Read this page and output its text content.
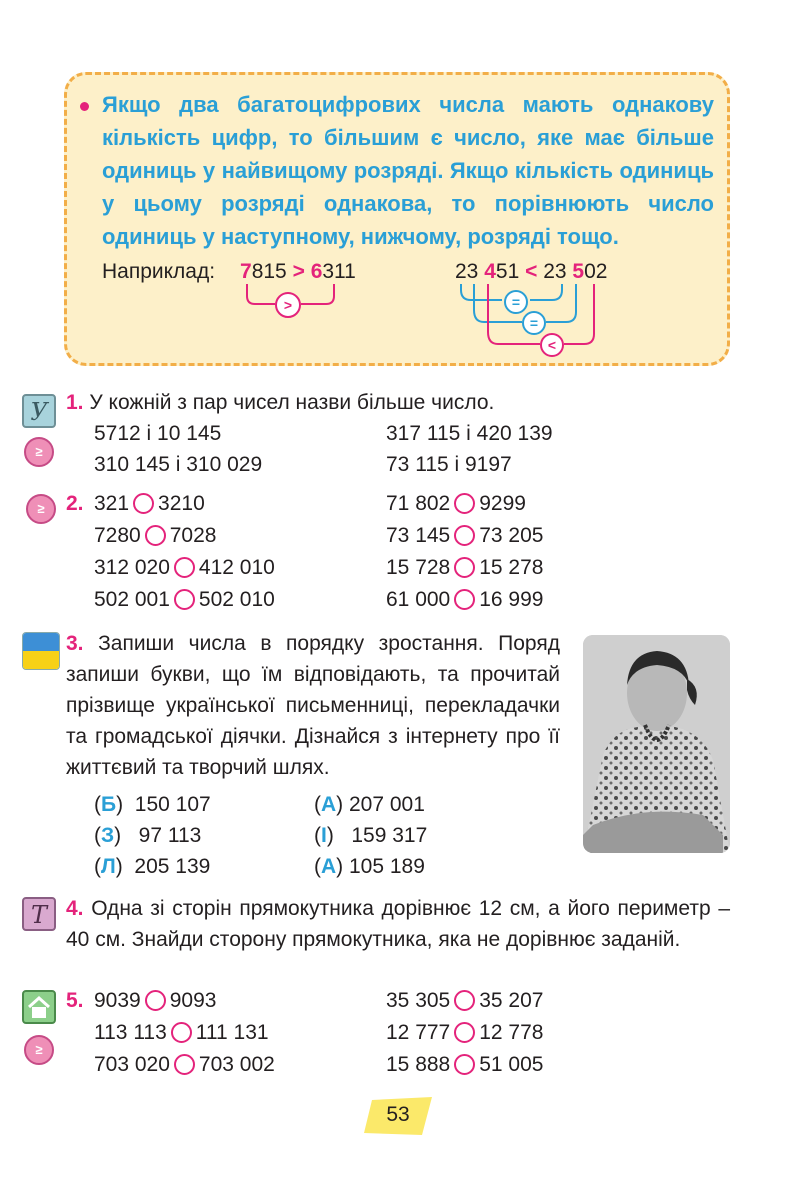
Якщо два багатоцифрових числа мають однакову кількість цифр, то більшим є число, яке має більше одиниць у найвищому розряді. Якщо кількість одиниць у цьому розряді однакова, то порівнюють число одиниць у наступному, нижчому, розряді тощо.
Наприклад: 7815 > 6311	23 451 < 23 502
>	=
=
<
У
≥
1. У кожній з пар чисел назви більше число.
5712 і 10 145	317 115 і 420 139
310 145 і 310 029	73 115 і 9197
≥	2. 321 3210	71 802 9299
7280 7028	73 145 73 205
312 020 412 010	15 728 15 278
502 001 502 010	61 000 16 999
3. Запиши числа в порядку зростання. Поряд запиши букви, що їм відповідають, та прочитай прізвище української письменниці, перекладачки та громадської діячки. Дізнайся з інтернету про її життєвий та творчий шлях.
(Б)  150 107	(А) 207 001
(З)   97 113	(І)   159 317
(Л)  205 139	(А) 105 189
Т 4. Одна зі сторін прямокутника дорівнює 12 см, а його периметр – 40 см. Знайди сторону прямокутника, яка не дорівнює заданій.
≥
5. 9039 9093	35 305 35 207
113 113 111 131	12 777 12 778
703 020 703 002	15 888 51 005
53
